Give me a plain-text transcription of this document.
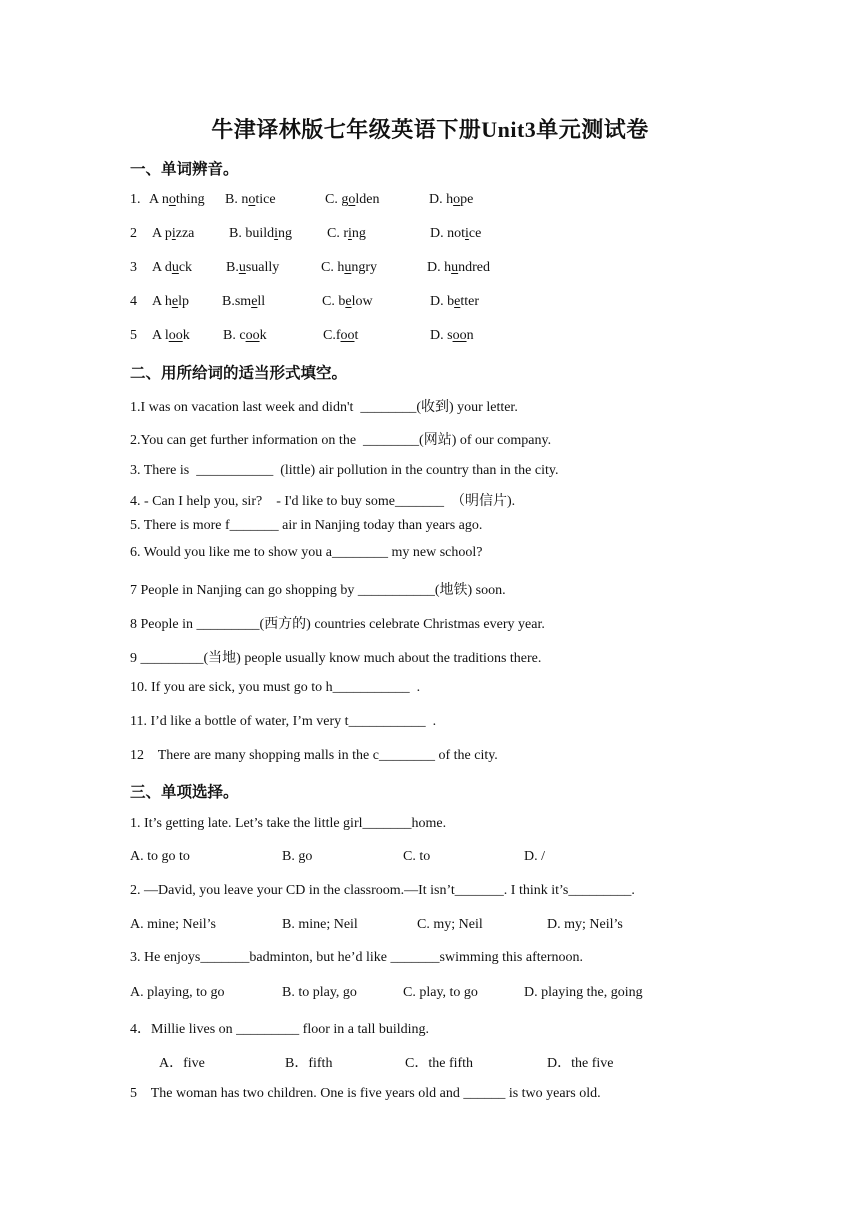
牛津译林版七年级英语下册Unit3单元测试卷
一、单词辨音。
1. A nothing B. notice	C. golden	D. hope
2 A pizza B. building C. ring	D. notice
3 A duck B.usually	C. hungry	D. hundred
4 A help B.smell	C. below	D. better
5 A look B. cook	C.foot	D. soon
二、用所给词的适当形式填空。
1.I was on vacation last week and didn't  ________(收到) your letter.
2.You can get further information on the  ________(网站) of our company.
3. There is  ___________  (little) air pollution in the country than in the city.
4. - Can I help you, sir?    - I'd like to buy some_______  （明信片).
5. There is more f_______ air in Nanjing today than years ago.
6. Would you like me to show you a________ my new school?
7 People in Nanjing can go shopping by ___________(地铁) soon.
8 People in _________(西方的) countries celebrate Christmas every year.
9 _________(当地) people usually know much about the traditions there.
10. If you are sick, you must go to h___________  .
11. I’d like a bottle of water, I’m very t___________  .
12    There are many shopping malls in the c________ of the city.
三、单项选择。
1. It’s getting late. Let’s take the little girl_______home.
A. to go to	B. go	C. to	D. /
2. —David, you leave your CD in the classroom.—It isn’t_______. I think it’s_________.
A. mine; Neil’s	B. mine; Neil	C. my; Neil	D. my; Neil’s
3. He enjoys_______badminton, but he’d like _______swimming this afternoon.
A. playing, to go	B. to play, go	C. play, to go	D. playing the, going
4．Millie lives on _________ floor in a tall building.
A．five	B．fifth	C．the fifth	D．the five
5    The woman has two children. One is five years old and ______ is two years old.
